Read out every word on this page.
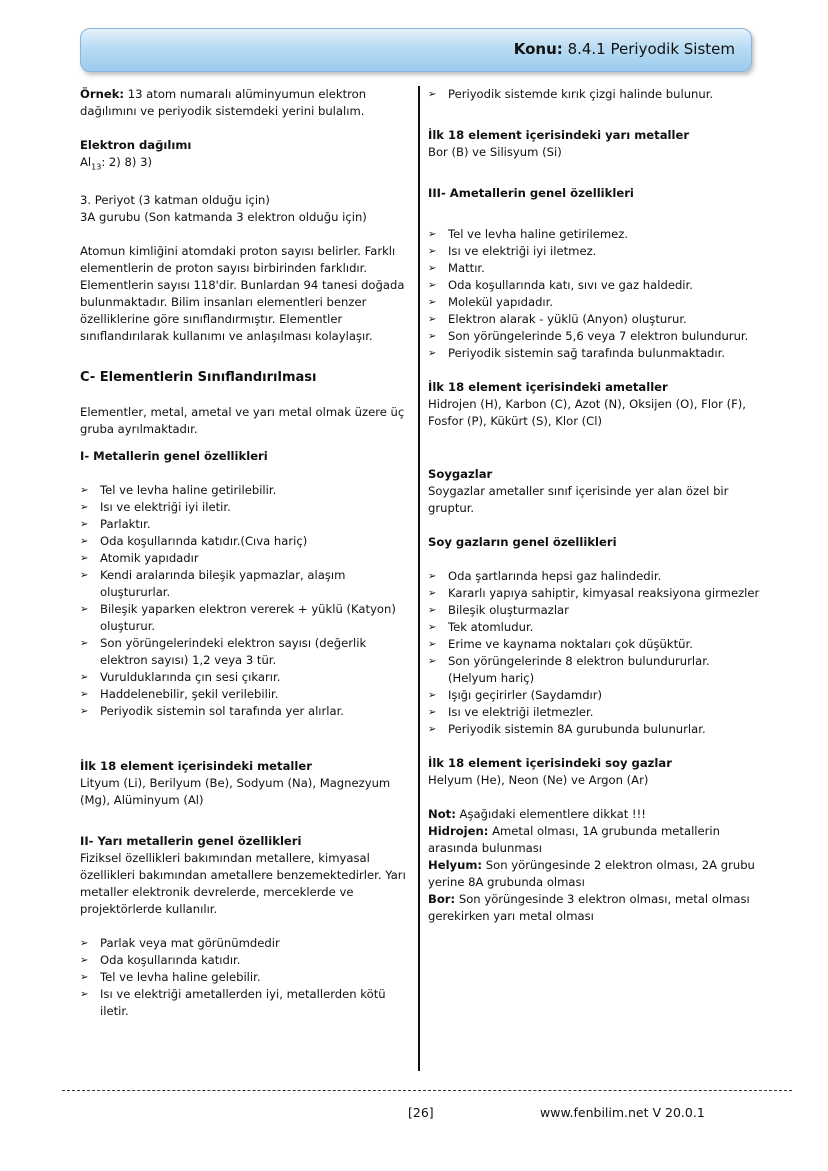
Konu: 8.4.1 Periyodik Sistem

Örnek: 13 atom numaralı alüminyumun elektron dağılımını ve periyodik sistemdeki yerini bulalım.

Elektron dağılımı

$Al_{13}$: 2) 8) 3)

3. Periyot (3 katman olduğu için)

3A gurubu (Son katmanda 3 elektron olduğu için)

Atomun kimliğini atomdaki proton sayısı belirler. Farklı elementlerin de proton sayısı birbirinden farklıdır. Elementlerin sayısı 118'dir. Bunlardan 94 tanesi doğada bulunmaktadır. Bilim insanları elementleri benzer özelliklerine göre sınıflandırmıştır. Elementler sınıflandırılarak kullanımı ve anlaşılması kolaylaşır.

C- Elementlerin Sınıflandırılması

Elementler, metal, ametal ve yarı metal olmak üzere üç gruba ayrılmaktadır.

I- Metallerin genel özellikleri

➢ Tel ve levha haline getirilebilir.
➢ Isı ve elektriği iyi iletir.
➢ Parlaktır.
➢ Oda koşullarında katıdır.(Cıva hariç)
➢ Atomik yapıdadır
➢ Kendi aralarında bileşik yapmazlar, alaşım oluştururlar.
➢ Bileşik yaparken elektron vererek + yüklü (Katyon) oluşturur.
➢ Son yörüngelerindeki elektron sayısı (değerlik elektron sayısı) 1,2 veya 3 tür.
➢ Vurulduklarında çın sesi çıkarır.
➢ Haddelenebilir, şekil verilebilir.
➢ Periyodik sistemin sol tarafında yer alırlar.

İlk 18 element içerisindeki metaller

Lityum (Li), Berilyum (Be), Sodyum (Na), Magnezyum (Mg), Alüminyum (Al)

II- Yarı metallerin genel özellikleri

Fiziksel özellikleri bakımından metallere, kimyasal özellikleri bakımından ametallere benzemektedirler. Yarı metaller elektronik devrelerde, merceklerde ve projektörlerde kullanılır.

➢ Parlak veya mat görünümdedir
➢ Oda koşullarında katıdır.
➢ Tel ve levha haline gelebilir.
➢ Isı ve elektriği ametallerden iyi, metallerden kötü iletir.
➢ Periyodik sistemde kırık çizgi halinde bulunur.

İlk 18 element içerisindeki yarı metaller

Bor (B) ve Silisyum (Si)

III- Ametallerin genel özellikleri

➢ Tel ve levha haline getirilemez.
➢ Isı ve elektriği iyi iletmez.
➢ Mattır.
➢ Oda koşullarında katı, sıvı ve gaz haldedir.
➢ Molekül yapıdadır.
➢ Elektron alarak - yüklü (Anyon) oluşturur.
➢ Son yörüngelerinde 5,6 veya 7 elektron bulundurur.
➢ Periyodik sistemin sağ tarafında bulunmaktadır.

İlk 18 element içerisindeki ametaller

Hidrojen (H), Karbon (C), Azot (N), Oksijen (O), Flor (F), Fosfor (P), Kükürt (S), Klor (Cl)

Soygazlar

Soygazlar ametaller sınıf içerisinde yer alan özel bir gruptur.

Soy gazların genel özellikleri

➢ Oda şartlarında hepsi gaz halindedir.
➢ Kararlı yapıya sahiptir, kimyasal reaksiyona girmezler
➢ Bileşik oluşturmazlar
➢ Tek atomludur.
➢ Erime ve kaynama noktaları çok düşüktür.
➢ Son yörüngelerinde 8 elektron bulundururlar. (Helyum hariç)
➢ Işığı geçirirler (Saydamdır)
➢ Isı ve elektriği iletmezler.
➢ Periyodik sistemin 8A gurubunda bulunurlar.

İlk 18 element içerisindeki soy gazlar

Helyum (He), Neon (Ne) ve Argon (Ar)

Not: Aşağıdaki elementlere dikkat !!!

Hidrojen: Ametal olması, 1A grubunda metallerin arasında bulunması

Helyum: Son yörüngesinde 2 elektron olması, 2A grubu yerine 8A grubunda olması

Bor: Son yörüngesinde 3 elektron olması, metal olması gerekirken yarı metal olması

[26]	www.fenbilim.net V 20.0.1
